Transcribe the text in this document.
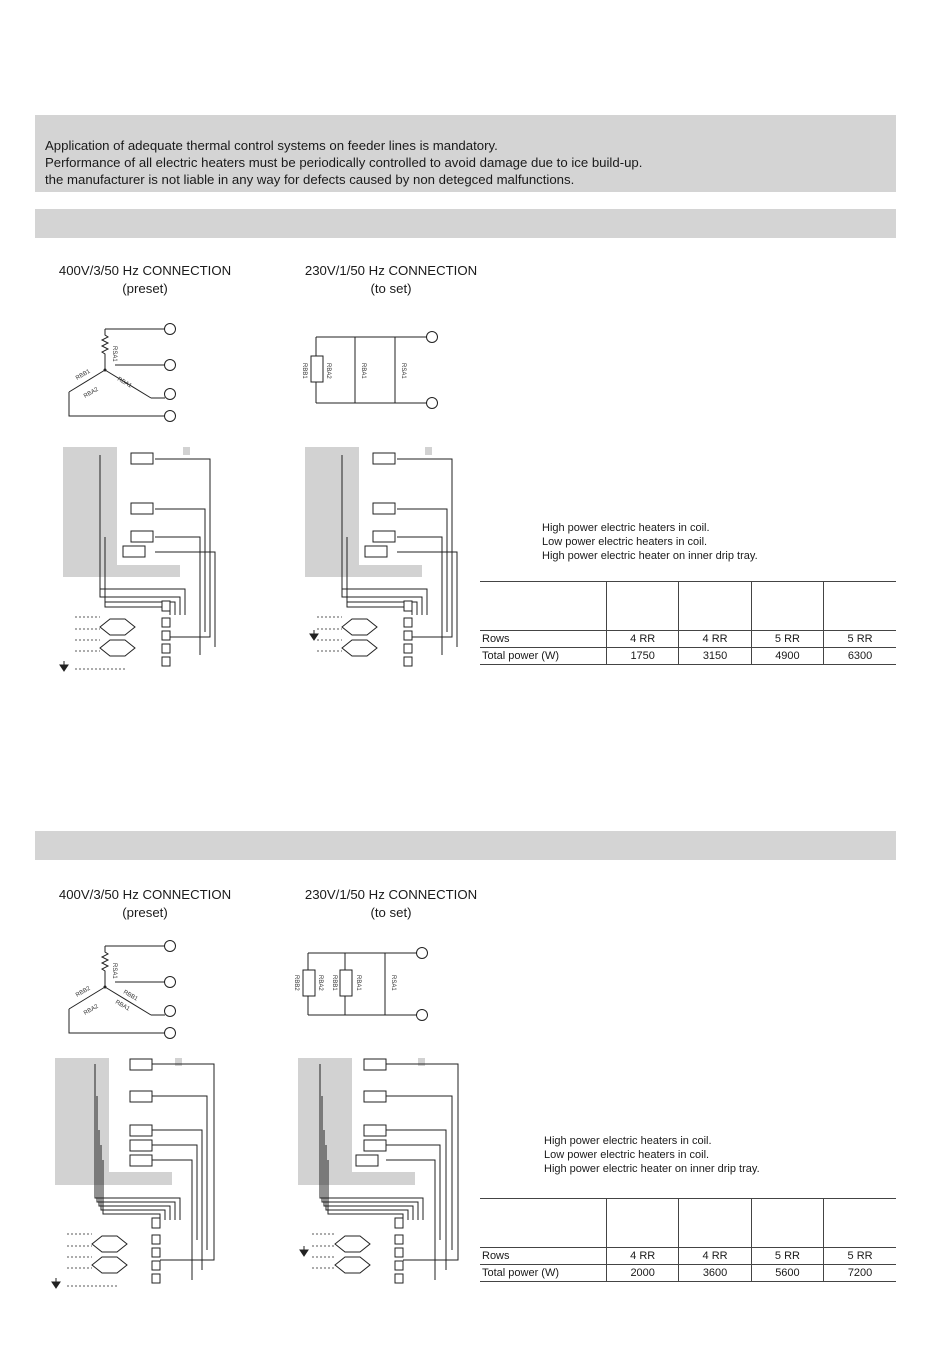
Application of adequate thermal control systems on feeder lines is mandatory.
Performance of all electric heaters must be periodically controlled to avoid damage due to ice build-up.
the manufacturer is not liable in any way for defects caused by non detegced malfunctions.
400V/3/50 Hz CONNECTION
(preset)
230V/1/50 Hz CONNECTION
(to set)
RSA1
RBB1
RBA2
RBA1
RBB1	RBA2	RBA1	RSA1
High power electric heaters in coil.
Low power electric heaters in coil.
High power electric heater on inner drip tray.

Rows	4 RR	4 RR	5 RR	5 RR
Total power (W)	1750	3150	4900	6300
400V/3/50 Hz CONNECTION
(preset)
230V/1/50 Hz CONNECTION
(to set)
RSA1
RBB2
RBA2
RBB1
RBA1
RBB2	RBA2 RBB1	RBA1	RSA1
High power electric heaters in coil.
Low power electric heaters in coil.
High power electric heater on inner drip tray.

Rows	4 RR	4 RR	5 RR	5 RR
Total power (W)	2000	3600	5600	7200
